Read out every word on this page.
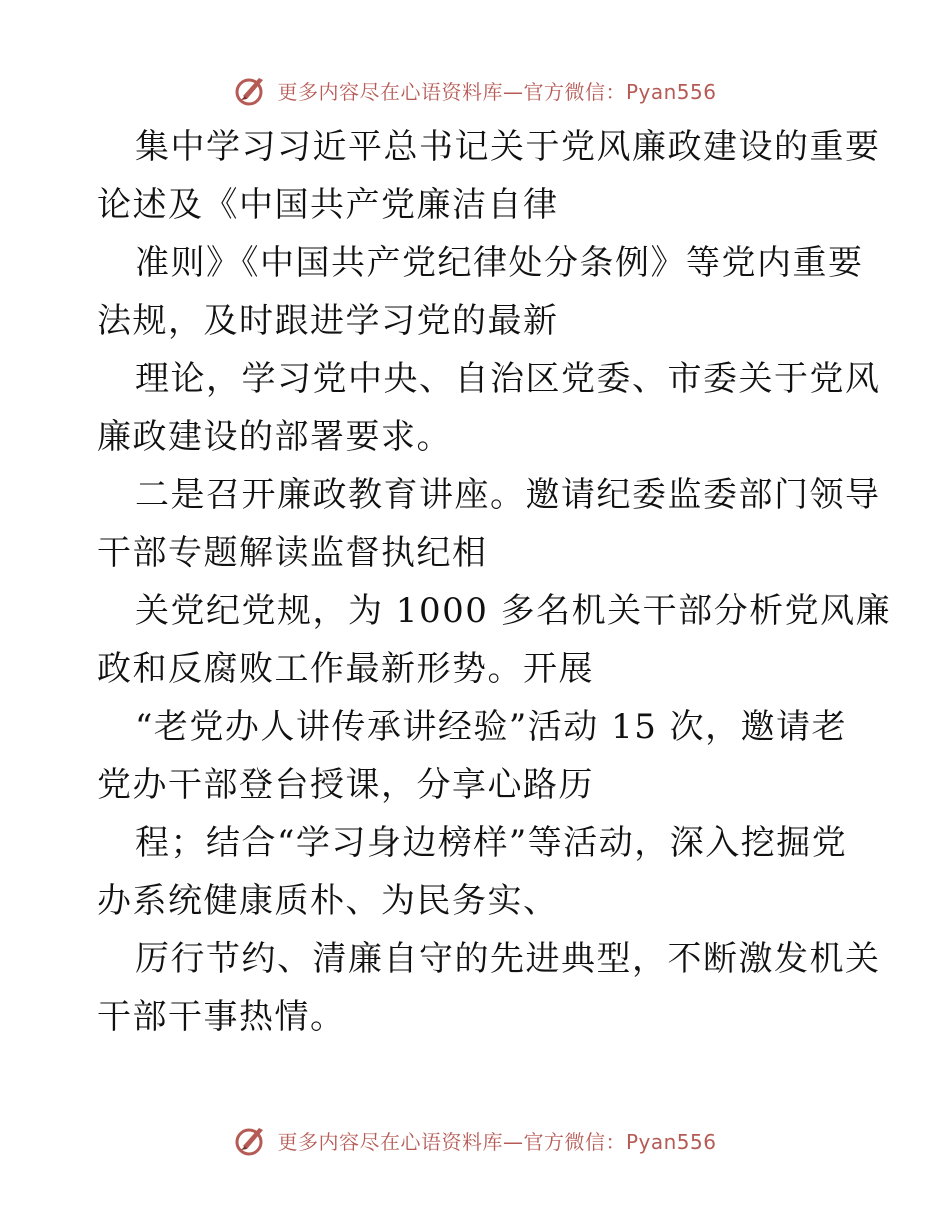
更多内容尽在心语资料库—官方微信：Pyan556

集中学习习近平总书记关于党风廉政建设的重要
论述及《中国共产党廉洁自律

准则》《中国共产党纪律处分条例》等党内重要
法规，及时跟进学习党的最新

理论，学习党中央、自治区党委、市委关于党风
廉政建设的部署要求。

二是召开廉政教育讲座。邀请纪委监委部门领导
干部专题解读监督执纪相

关党纪党规，为 1000 多名机关干部分析党风廉
政和反腐败工作最新形势。开展

“老党办人讲传承讲经验”活动 15 次，邀请老
党办干部登台授课，分享心路历

程；结合“学习身边榜样”等活动，深入挖掘党
办系统健康质朴、为民务实、

厉行节约、清廉自守的先进典型，不断激发机关
干部干事热情。

更多内容尽在心语资料库—官方微信：Pyan556
